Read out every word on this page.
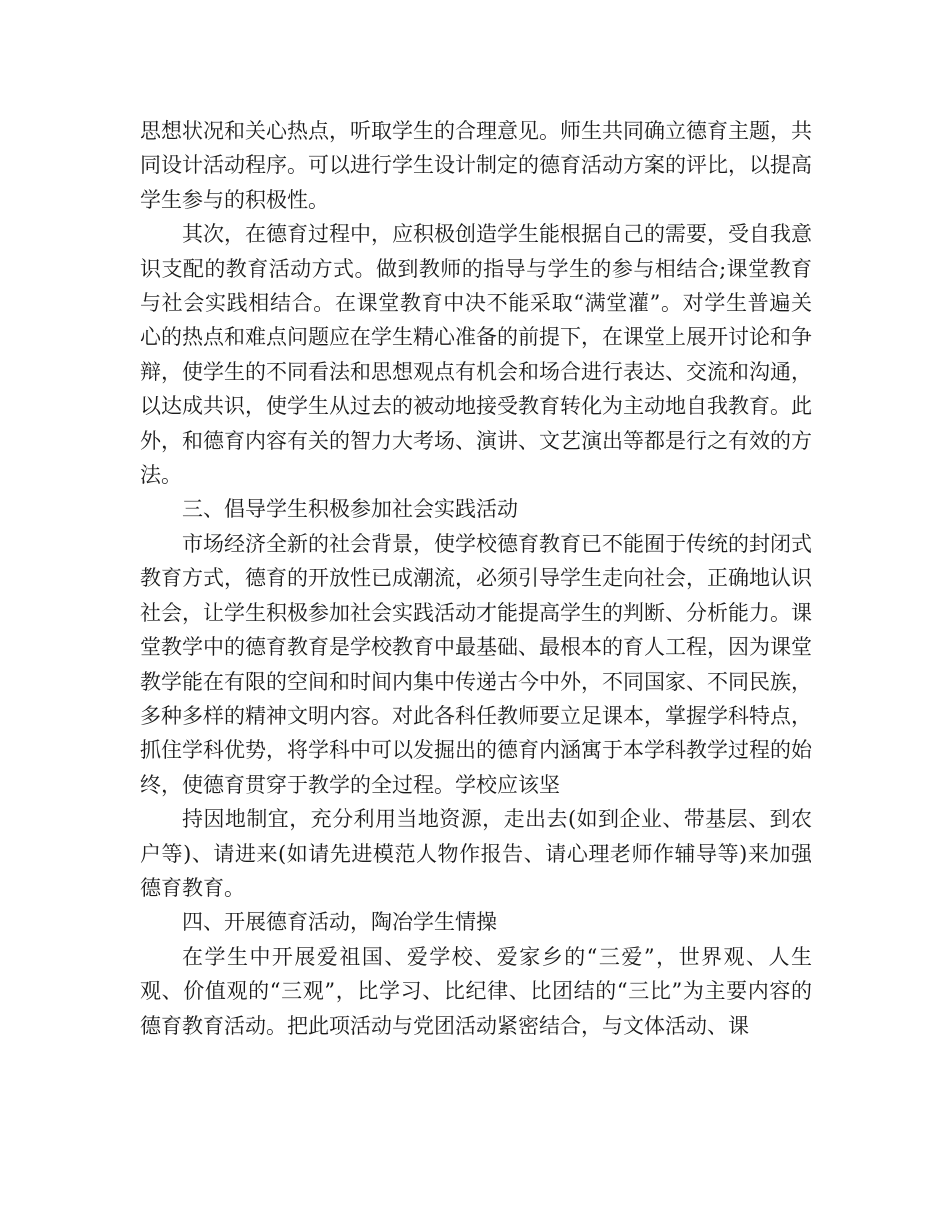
思想状况和关心热点，听取学生的合理意见。师生共同确立德育主题，共同设计活动程序。可以进行学生设计制定的德育活动方案的评比，以提高学生参与的积极性。

其次，在德育过程中，应积极创造学生能根据自己的需要，受自我意识支配的教育活动方式。做到教师的指导与学生的参与相结合;课堂教育与社会实践相结合。在课堂教育中决不能采取“满堂灌”。对学生普遍关心的热点和难点问题应在学生精心准备的前提下，在课堂上展开讨论和争辩，使学生的不同看法和思想观点有机会和场合进行表达、交流和沟通，以达成共识，使学生从过去的被动地接受教育转化为主动地自我教育。此外，和德育内容有关的智力大考场、演讲、文艺演出等都是行之有效的方法。

三、倡导学生积极参加社会实践活动

市场经济全新的社会背景，使学校德育教育已不能囿于传统的封闭式教育方式，德育的开放性已成潮流，必须引导学生走向社会，正确地认识社会，让学生积极参加社会实践活动才能提高学生的判断、分析能力。课堂教学中的德育教育是学校教育中最基础、最根本的育人工程，因为课堂教学能在有限的空间和时间内集中传递古今中外，不同国家、不同民族，多种多样的精神文明内容。对此各科任教师要立足课本，掌握学科特点，抓住学科优势，将学科中可以发掘出的德育内涵寓于本学科教学过程的始终，使德育贯穿于教学的全过程。学校应该坚

持因地制宜，充分利用当地资源，走出去(如到企业、带基层、到农户等)、请进来(如请先进模范人物作报告、请心理老师作辅导等)来加强德育教育。

四、开展德育活动，陶冶学生情操

在学生中开展爱祖国、爱学校、爱家乡的“三爱”，世界观、人生观、价值观的“三观”，比学习、比纪律、比团结的“三比”为主要内容的德育教育活动。把此项活动与党团活动紧密结合，与文体活动、课
